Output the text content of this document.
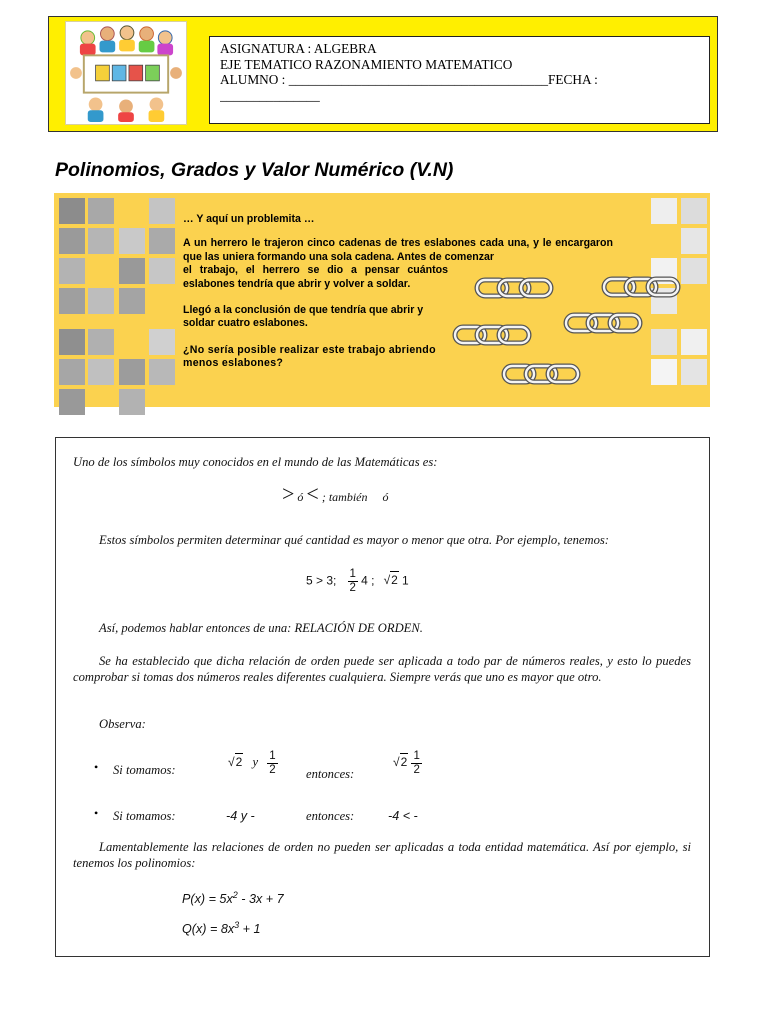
ASIGNATURA : ALGEBRA
EJE TEMATICO RAZONAMIENTO MATEMATICO
ALUMNO : _______________________________________FECHA :
_______________
Polinomios, Grados y Valor Numérico (V.N)

… Y aquí un problemita …

A un herrero le trajeron cinco cadenas de tres eslabones cada una, y le encargaron que las uniera formando una sola cadena. Antes de comenzar

el trabajo, el herrero se dio a pensar cuántos eslabones tendría que abrir y volver a soldar.

Llegó a la conclusión de que tendría que abrir y soldar cuatro eslabones.

¿No sería posible realizar este trabajo abriendo menos eslabones?

Uno de los símbolos muy conocidos en el mundo de las Matemáticas es:
> ó < ; también ó
Estos símbolos permiten determinar qué cantidad es mayor o menor que otra. Por ejemplo, tenemos:
5 > 3; $\frac{1}{2} 4$ ; √2 1
Así, podemos hablar entonces de una: RELACIÓN DE ORDEN.
Se ha establecido que dicha relación de orden puede ser aplicada a todo par de números reales, y esto lo puedes comprobar si tomas dos números reales diferentes cualquiera. Siempre verás que uno es mayor que otro.
Observa:
• Si tomamos:
√2 y $\frac{1}{2}$ entonces:
$√2 \frac{1}{2}$
• Si tomamos:	-4 y -	entonces:	-4 < -
Lamentablemente las relaciones de orden no pueden ser aplicadas a toda entidad matemática. Así por ejemplo, si tenemos los polinomios:
$P(x) = 5x^2 - 3x + 7$
$Q(x) = 8x^3 + 1$
